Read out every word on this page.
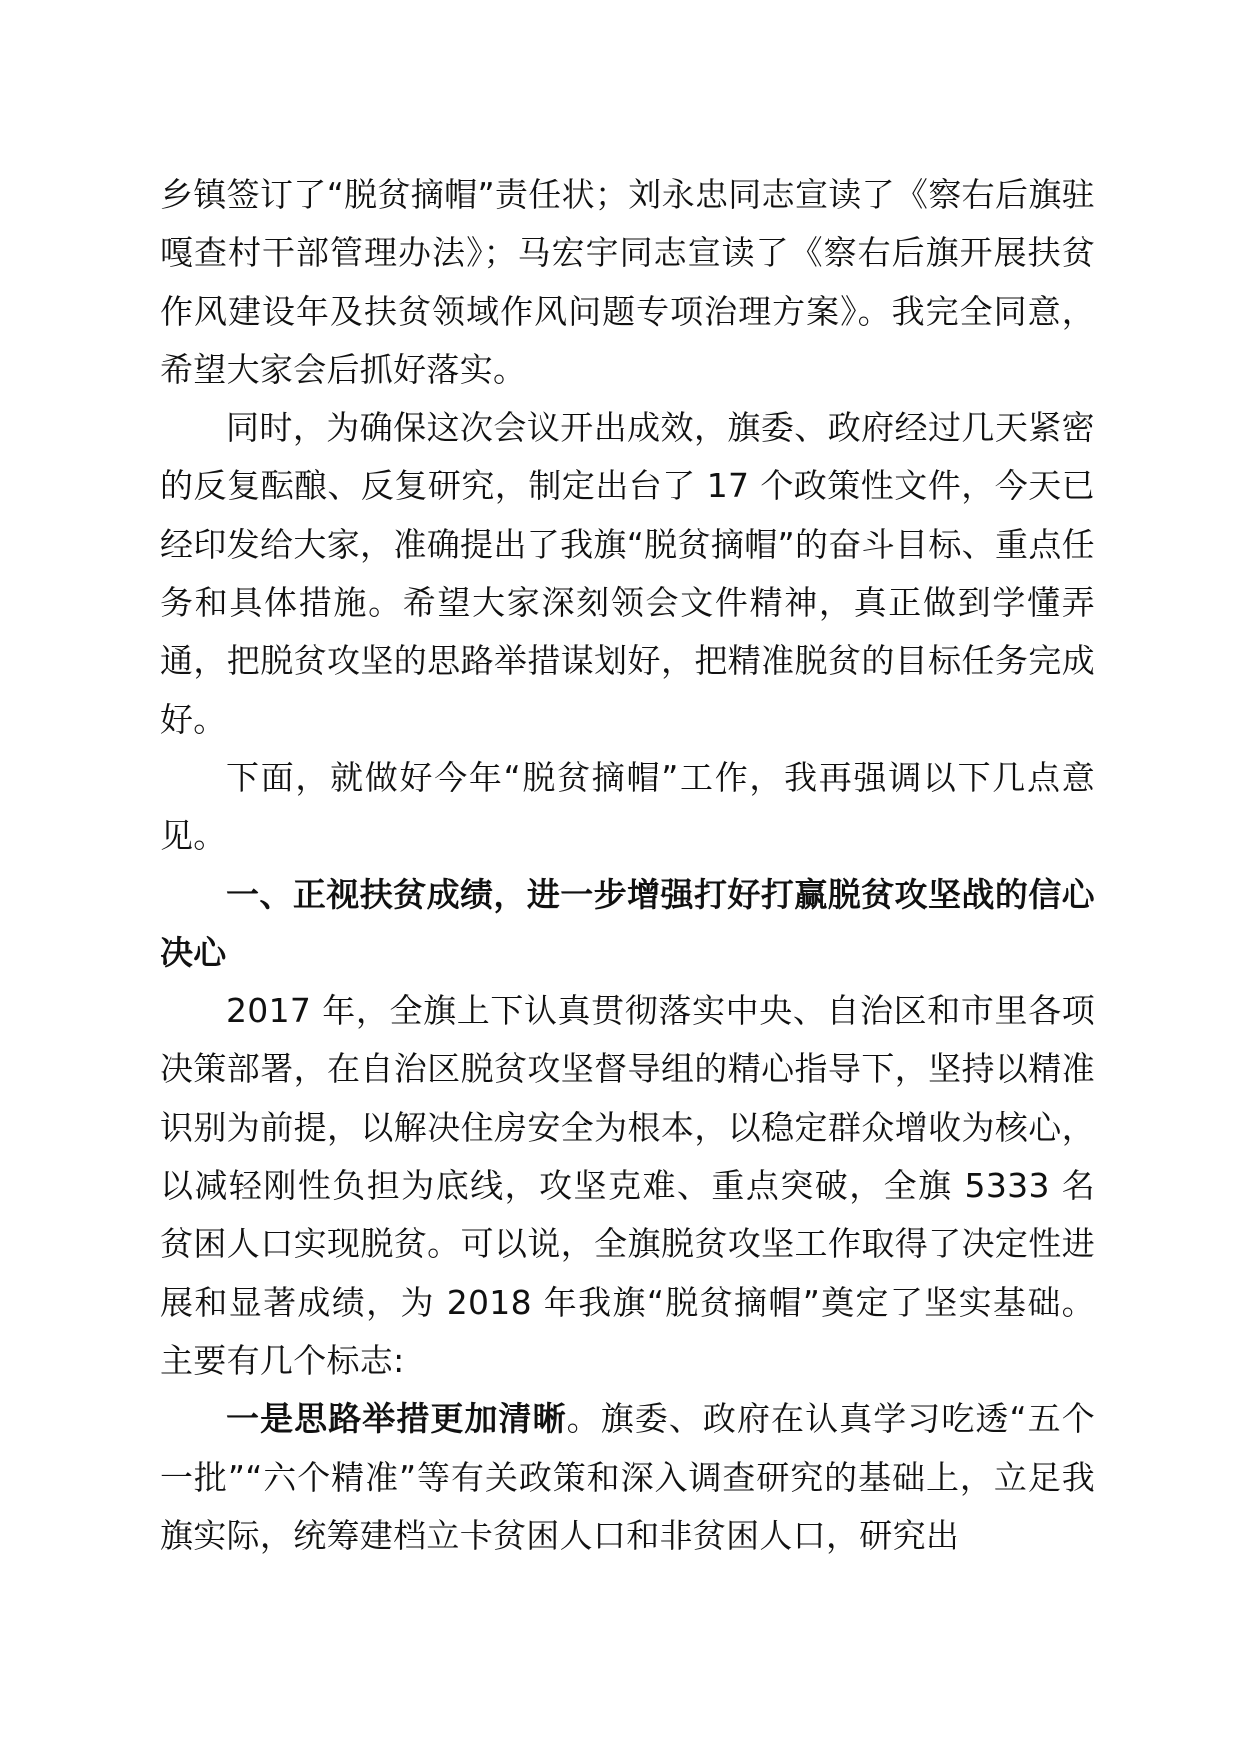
乡镇签订了“脱贫摘帽”责任状；刘永忠同志宣读了《察右后旗驻嘎查村干部管理办法》；马宏宇同志宣读了《察右后旗开展扶贫作风建设年及扶贫领域作风问题专项治理方案》。我完全同意，希望大家会后抓好落实。

同时，为确保这次会议开出成效，旗委、政府经过几天紧密的反复酝酿、反复研究，制定出台了 17 个政策性文件，今天已经印发给大家，准确提出了我旗“脱贫摘帽”的奋斗目标、重点任务和具体措施。希望大家深刻领会文件精神，真正做到学懂弄通，把脱贫攻坚的思路举措谋划好，把精准脱贫的目标任务完成好。

下面，就做好今年“脱贫摘帽”工作，我再强调以下几点意见。

一、正视扶贫成绩，进一步增强打好打赢脱贫攻坚战的信心决心

2017 年，全旗上下认真贯彻落实中央、自治区和市里各项决策部署，在自治区脱贫攻坚督导组的精心指导下，坚持以精准识别为前提，以解决住房安全为根本，以稳定群众增收为核心，以减轻刚性负担为底线，攻坚克难、重点突破，全旗 5333 名贫困人口实现脱贫。可以说，全旗脱贫攻坚工作取得了决定性进展和显著成绩，为 2018 年我旗“脱贫摘帽”奠定了坚实基础。主要有几个标志:

一是思路举措更加清晰。旗委、政府在认真学习吃透“五个一批”“六个精准”等有关政策和深入调查研究的基础上，立足我旗实际，统筹建档立卡贫困人口和非贫困人口，研究出
